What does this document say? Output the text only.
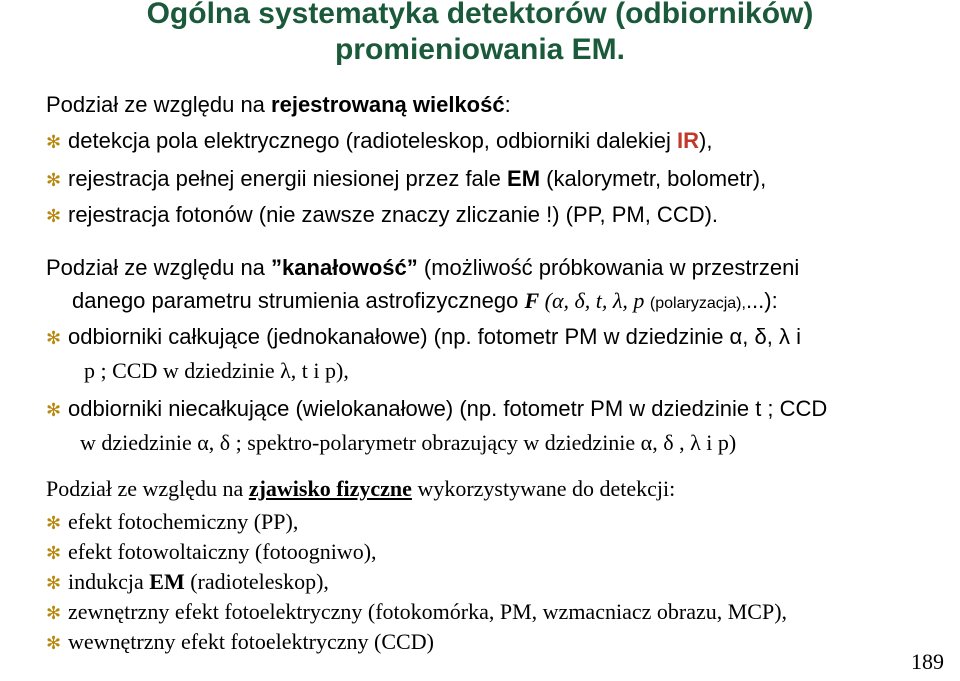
Ogólna systematyka detektorów (odbiorników)
promieniowania EM.
Podział ze względu na rejestrowaną wielkość:
✻ detekcja pola elektrycznego (radioteleskop, odbiorniki dalekiej IR),
✻ rejestracja pełnej energii niesionej przez fale EM (kalorymetr, bolometr),
✻ rejestracja fotonów (nie zawsze znaczy zliczanie !) (PP, PM, CCD).
Podział ze względu na ”kanałowość” (możliwość próbkowania w przestrzeni
danego parametru strumienia astrofizycznego F (α, δ, t, λ, p (polaryzacja),...):
✻ odbiorniki całkujące (jednokanałowe) (np. fotometr PM w dziedzinie α, δ, λ i
p ; CCD w dziedzinie λ, t i p),
✻ odbiorniki niecałkujące (wielokanałowe) (np. fotometr PM w dziedzinie t ; CCD
w dziedzinie α, δ ; spektro-polarymetr obrazujący w dziedzinie α, δ , λ i p)
Podział ze względu na zjawisko fizyczne wykorzystywane do detekcji:
✻ efekt fotochemiczny (PP),
✻ efekt fotowoltaiczny (fotoogniwo),
✻ indukcja EM (radioteleskop),
✻ zewnętrzny efekt fotoelektryczny (fotokomórka, PM, wzmacniacz obrazu, MCP),
✻ wewnętrzny efekt fotoelektryczny (CCD)
189
